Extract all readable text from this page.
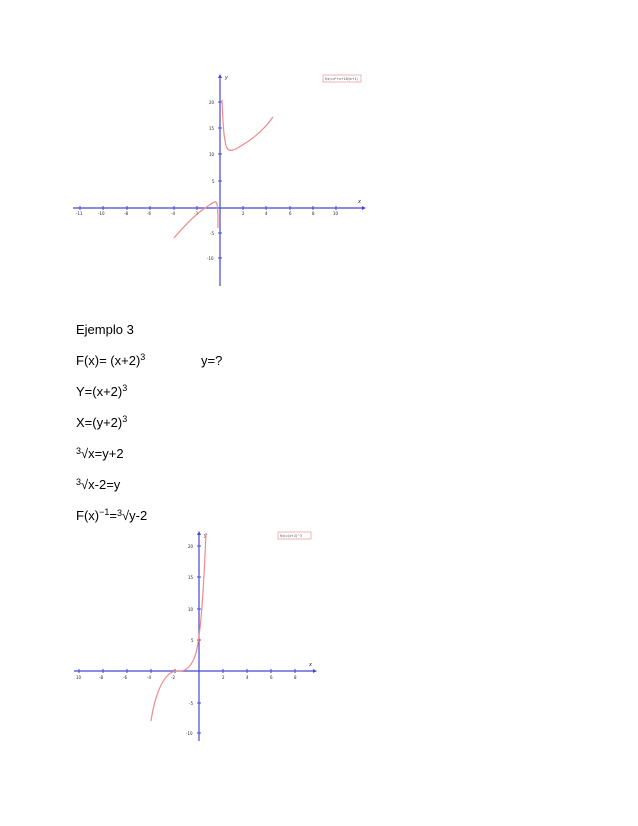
x
y
-11	-10	-8	-6	-4	-2	2	4	6	8	10
20
15
10
5
-5
-10
f(x)=x³+x+16/(x+1)
Ejemplo 3
$F(x)= (x+2)^3$	y=?
$Y=(x+2)^3$
$X=(y+2)^3$
$^3$√x=y+2
$^3$√x-2=y
$F(x)^{-1}=^3√y-2$
x
y
10	-8	-6	-4	-2	2	4	6	8
20
15
10
5
-5
-10
f(x)=(x+2)^3
